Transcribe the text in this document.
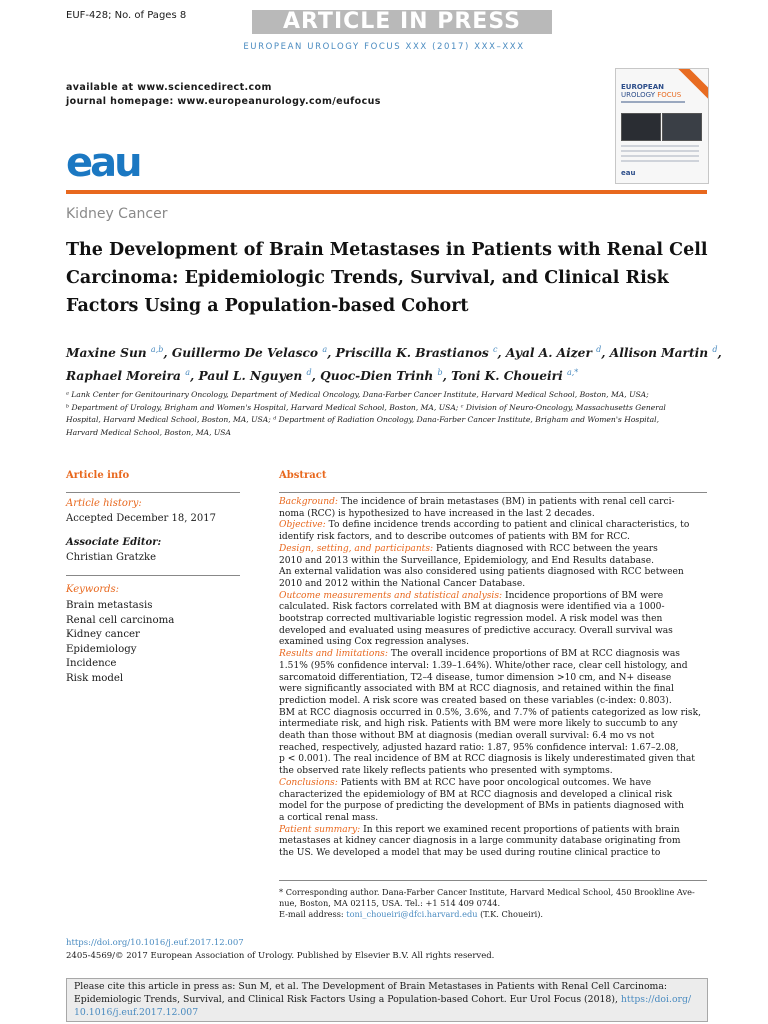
EUF-428; No. of Pages 8	ARTICLE IN PRESS
EUROPEAN UROLOGY FOCUS XXX (2017) XXX–XXX
available at www.sciencedirect.com
journal homepage: www.europeanurology.com/eufocus
eau
EUROPEAN
UROLOGY FOCUS
eau
Kidney Cancer
The Development of Brain Metastases in Patients with Renal Cell
Carcinoma: Epidemiologic Trends, Survival, and Clinical Risk
Factors Using a Population-based Cohort
Maxine Sun $^{a,b}$, Guillermo De Velasco $^a$, Priscilla K. Brastianos $^c$, Ayal A. Aizer $^d$, Allison Martin $^d$,
Raphael Moreira $^a$, Paul L. Nguyen $^d$, Quoc-Dien Trinh $^b$, Toni K. Choueiri $^{a,*}$
ᵃ Lank Center for Genitourinary Oncology, Department of Medical Oncology, Dana-Farber Cancer Institute, Harvard Medical School, Boston, MA, USA;
ᵇ Department of Urology, Brigham and Women's Hospital, Harvard Medical School, Boston, MA, USA; ᶜ Division of Neuro-Oncology, Massachusetts General
Hospital, Harvard Medical School, Boston, MA, USA; ᵈ Department of Radiation Oncology, Dana-Farber Cancer Institute, Brigham and Women's Hospital,
Harvard Medical School, Boston, MA, USA
Article info
Article history:
Accepted December 18, 2017
Associate Editor:
Christian Gratzke
Keywords:
Brain metastasis
Renal cell carcinoma
Kidney cancer
Epidemiology
Incidence
Risk model
Abstract
Background: The incidence of brain metastases (BM) in patients with renal cell carci-
noma (RCC) is hypothesized to have increased in the last 2 decades.
Objective: To define incidence trends according to patient and clinical characteristics, to
identify risk factors, and to describe outcomes of patients with BM for RCC.
Design, setting, and participants: Patients diagnosed with RCC between the years
2010 and 2013 within the Surveillance, Epidemiology, and End Results database.
An external validation was also considered using patients diagnosed with RCC between
2010 and 2012 within the National Cancer Database.
Outcome measurements and statistical analysis: Incidence proportions of BM were
calculated. Risk factors correlated with BM at diagnosis were identified via a 1000-
bootstrap corrected multivariable logistic regression model. A risk model was then
developed and evaluated using measures of predictive accuracy. Overall survival was
examined using Cox regression analyses.
Results and limitations: The overall incidence proportions of BM at RCC diagnosis was
1.51% (95% confidence interval: 1.39–1.64%). White/other race, clear cell histology, and
sarcomatoid differentiation, T2–4 disease, tumor dimension >10 cm, and N+ disease
were significantly associated with BM at RCC diagnosis, and retained within the final
prediction model. A risk score was created based on these variables (c-index: 0.803).
BM at RCC diagnosis occurred in 0.5%, 3.6%, and 7.7% of patients categorized as low risk,
intermediate risk, and high risk. Patients with BM were more likely to succumb to any
death than those without BM at diagnosis (median overall survival: 6.4 mo vs not
reached, respectively, adjusted hazard ratio: 1.87, 95% confidence interval: 1.67–2.08,
p < 0.001). The real incidence of BM at RCC diagnosis is likely underestimated given that
the observed rate likely reflects patients who presented with symptoms.
Conclusions: Patients with BM at RCC have poor oncological outcomes. We have
characterized the epidemiology of BM at RCC diagnosis and developed a clinical risk
model for the purpose of predicting the development of BMs in patients diagnosed with
a cortical renal mass.
Patient summary: In this report we examined recent proportions of patients with brain
metastases at kidney cancer diagnosis in a large community database originating from
the US. We developed a model that may be used during routine clinical practice to
* Corresponding author. Dana-Farber Cancer Institute, Harvard Medical School, 450 Brookline Ave-
nue, Boston, MA 02115, USA. Tel.: +1 514 409 0744.
E-mail address: toni_choueiri@dfci.harvard.edu (T.K. Choueiri).
https://doi.org/10.1016/j.euf.2017.12.007
2405-4569/© 2017 European Association of Urology. Published by Elsevier B.V. All rights reserved.
Please cite this article in press as: Sun M, et al. The Development of Brain Metastases in Patients with Renal Cell Carcinoma:
Epidemiologic Trends, Survival, and Clinical Risk Factors Using a Population-based Cohort. Eur Urol Focus (2018), https://doi.org/
10.1016/j.euf.2017.12.007
